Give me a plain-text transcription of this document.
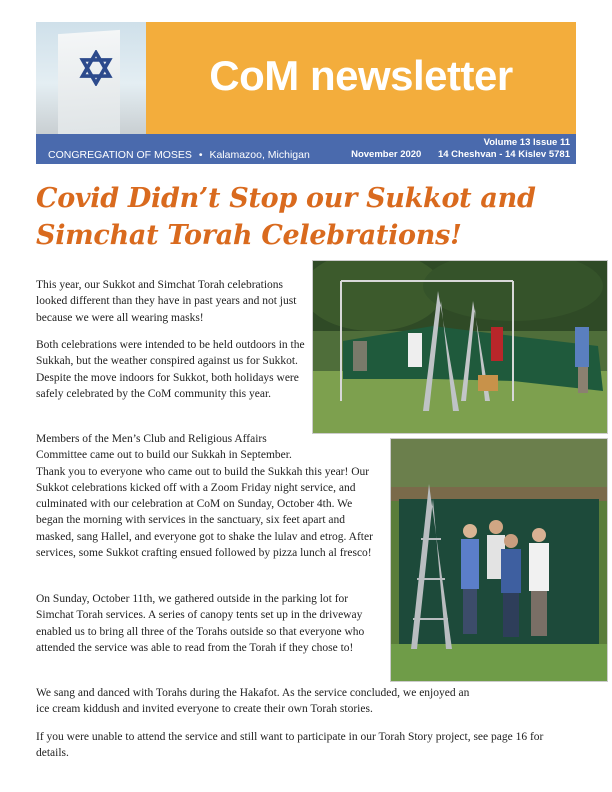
CoM newsletter
Volume 13 Issue 11
CONGREGATION OF MOSES • Kalamazoo, Michigan	November 2020 14 Cheshvan - 14 Kislev 5781
Covid Didn’t Stop our Sukkot and
Simchat Torah Celebrations!

This year, our Sukkot and Simchat Torah celebrations looked different than they have in past years and not just because we were all wearing masks!

Both celebrations were intended to be held outdoors in the Sukkah, but the weather conspired against us for Sukkot. Despite the move indoors for Sukkot, both holidays were safely celebrated by the CoM community this year.

Members of the Men’s Club and Religious Affairs Committee came out to build our Sukkah in September.
Thank you to everyone who came out to build the Sukkah this year! Our Sukkot celebrations kicked off with a Zoom Friday night service, and culminated with our celebration at CoM on Sunday, October 4th. We began the morning with services in the sanctuary, six feet apart and masked, sang Hallel, and everyone got to shake the lulav and etrog. After services, some Sukkot crafting ensued followed by pizza lunch al fresco!

On Sunday, October 11th, we gathered outside in the parking lot for Simchat Torah services. A series of canopy tents set up in the driveway enabled us to bring all three of the Torahs outside so that everyone who attended the service was able to read from the Torah if they chose to!

We sang and danced with Torahs during the Hakafot. As the service concluded, we enjoyed an ice cream kiddush and invited everyone to create their own Torah stories.

If you were unable to attend the service and still want to participate in our Torah Story project, see page 16 for details.
